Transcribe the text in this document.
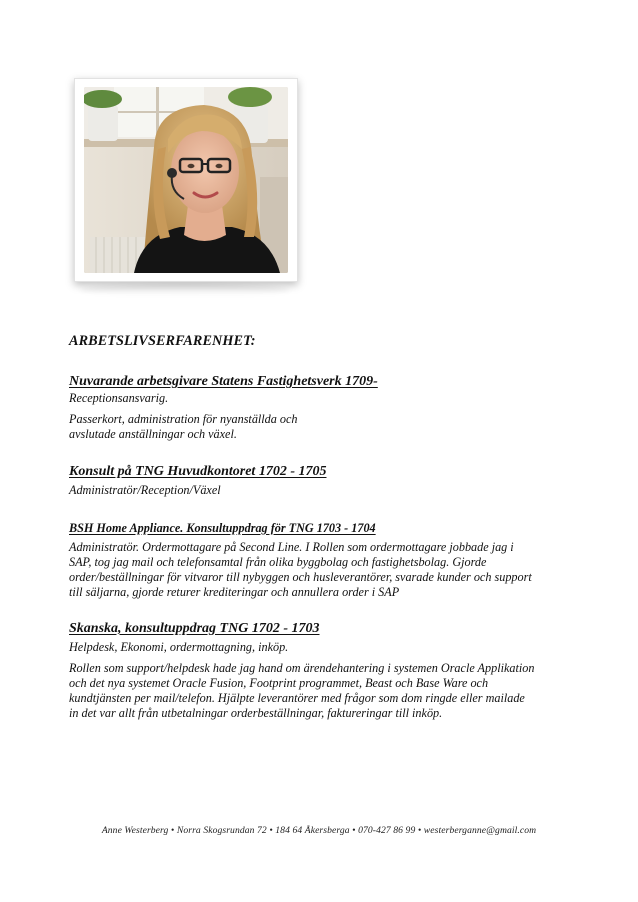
ARBETSLIVSERFARENHET:

Nuvarande arbetsgivare Statens Fastighetsverk 1709-

Receptionsansvarig.

Passerkort, administration för nyanställda och
avslutade anställningar och växel.

Konsult på TNG Huvudkontoret 1702 - 1705

Administratör/Reception/Växel

BSH Home Appliance. Konsultuppdrag för TNG 1703 - 1704

Administratör. Ordermottagare på Second Line. I Rollen som ordermottagare jobbade jag i
SAP, tog jag mail och telefonsamtal från olika byggbolag och fastighetsbolag. Gjorde
order/beställningar för vitvaror till nybyggen och husleverantörer, svarade kunder och support
till säljarna, gjorde returer krediteringar och annullera order i SAP

Skanska, konsultuppdrag TNG 1702 - 1703

Helpdesk, Ekonomi, ordermottagning, inköp.

Rollen som support/helpdesk hade jag hand om ärendehantering i systemen Oracle Applikation
och det nya systemet Oracle Fusion, Footprint programmet, Beast och Base Ware och
kundtjänsten per mail/telefon. Hjälpte leverantörer med frågor som dom ringde eller mailade
in det var allt från utbetalningar orderbeställningar, faktureringar till inköp.

Anne Westerberg • Norra Skogsrundan 72 • 184 64 Åkersberga • 070-427 86 99 • westerberganne@gmail.com
